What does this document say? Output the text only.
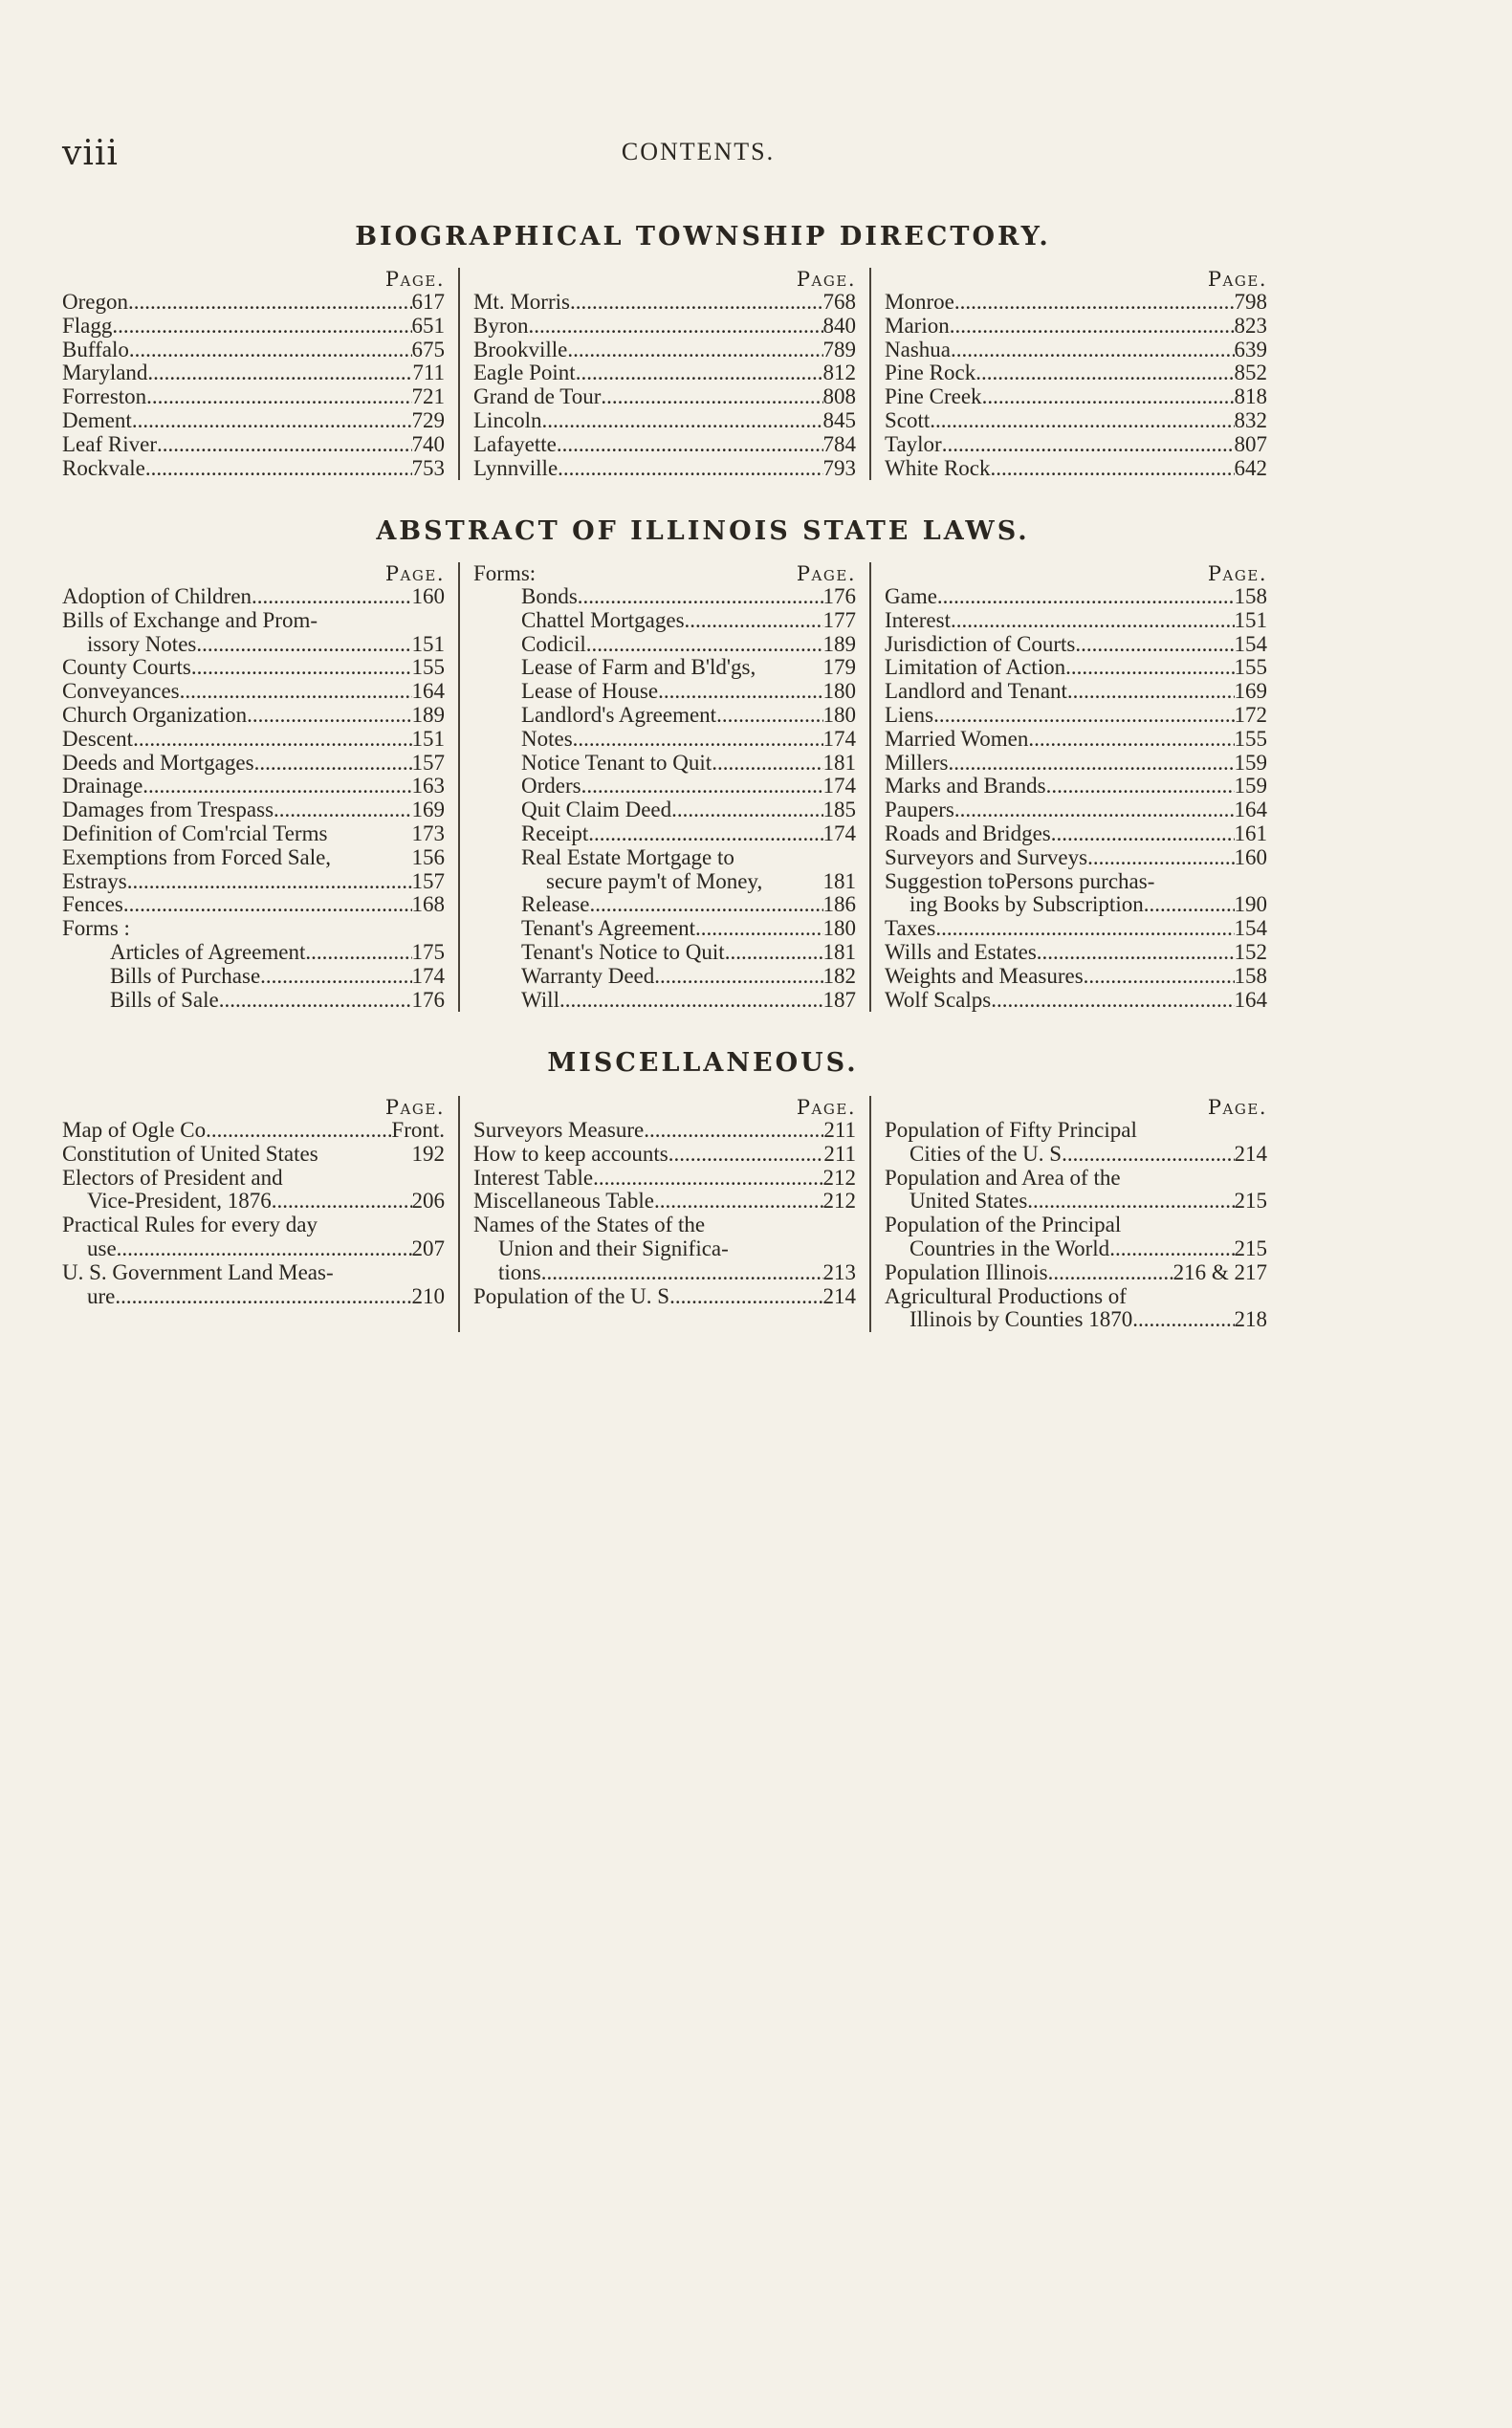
viii	CONTENTS.
BIOGRAPHICAL TOWNSHIP DIRECTORY.
Page.
Oregon .....	617
Flagg .....	651
Buffalo .....	675
Maryland .....	711
Forreston .....	721
Dement .....	729
Leaf River .....	740
Rockvale .....	753
Page.
Mt. Morris .....	768
Byron .....	840
Brookville .....	789
Eagle Point .....	812
Grand de Tour .....	808
Lincoln .....	845
Lafayette .....	784
Lynnville .....	793
Page.
Monroe .....	798
Marion .....	823
Nashua .....	639
Pine Rock .....	852
Pine Creek .....	818
Scott .....	832
Taylor .....	807
White Rock .....	642
ABSTRACT OF ILLINOIS STATE LAWS.
Page.
Adoption of Children .....	160
Bills of Exchange and Prom-
issory Notes .....	151
County Courts .....	155
Conveyances .....	164
Church Organization .....	189
Descent .....	151
Deeds and Mortgages .....	157
Drainage .....	163
Damages from Trespass .....	169
Definition of Com'rcial Terms	173
Exemptions from Forced Sale,	156
Estrays .....	157
Fences .....	168
Forms :
Articles of Agreement .....	175
Bills of Purchase .....	174
Bills of Sale .....	176
Forms:	Page.
Bonds .....	176
Chattel Mortgages .....	177
Codicil .....	189
Lease of Farm and B'ld'gs,	179
Lease of House .....	180
Landlord's Agreement .....	180
Notes .....	174
Notice Tenant to Quit .....	181
Orders .....	174
Quit Claim Deed .....	185
Receipt .....	174
Real Estate Mortgage to
secure paym't of Money,	181
Release .....	186
Tenant's Agreement .....	180
Tenant's Notice to Quit .....	181
Warranty Deed .....	182
Will .....	187
Page.
Game .....	158
Interest .....	151
Jurisdiction of Courts .....	154
Limitation of Action .....	155
Landlord and Tenant .....	169
Liens .....	172
Married Women .....	155
Millers .....	159
Marks and Brands .....	159
Paupers .....	164
Roads and Bridges .....	161
Surveyors and Surveys .....	160
Suggestion toPersons purchas-
ing Books by Subscription .....	190
Taxes .....	154
Wills and Estates .....	152
Weights and Measures .....	158
Wolf Scalps .....	164
MISCELLANEOUS.
Page.
Map of Ogle Co .....	Front.
Constitution of United States	192
Electors of President and
Vice-President, 1876 .....	206
Practical Rules for every day
use .....	207
U. S. Government Land Meas-
ure .....	210
Page.
Surveyors Measure .....	211
How to keep accounts .....	211
Interest Table .....	212
Miscellaneous Table .....	212
Names of the States of the
Union and their Significa-
tions .....	213
Population of the U. S .....	214
Page.
Population of Fifty Principal
Cities of the U. S .....	214
Population and Area of the
United States .....	215
Population of the Principal
Countries in the World .....	215
Population Illinois .....	216 & 217
Agricultural Productions of
Illinois by Counties 1870 .....	218
